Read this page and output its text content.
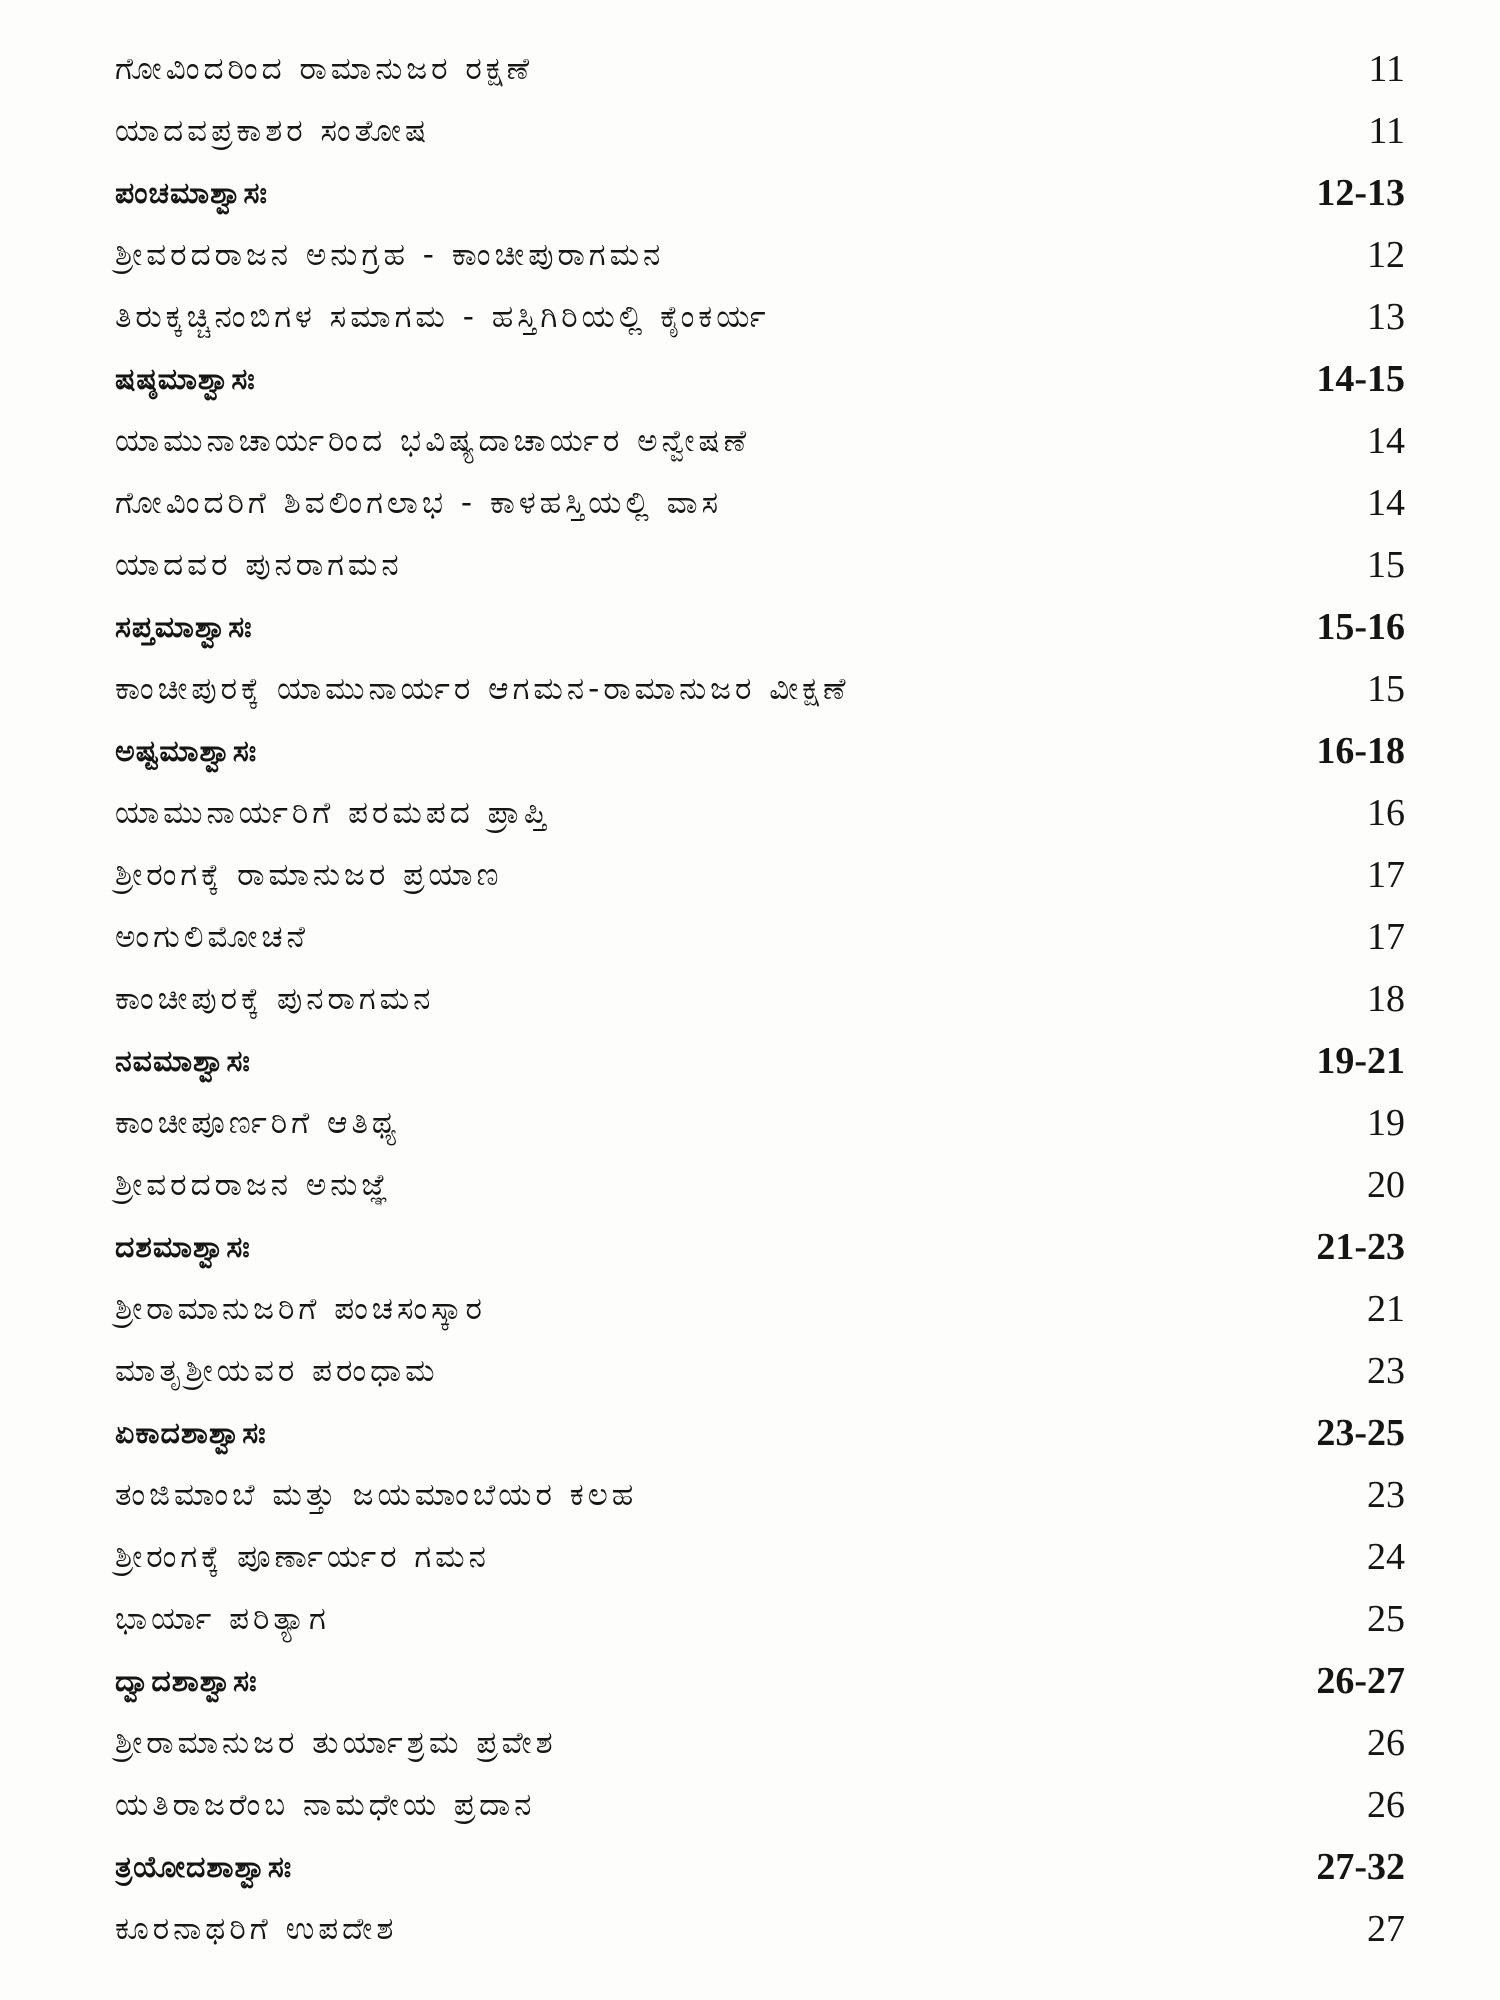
ಗೋವಿಂದರಿಂದ ರಾಮಾನುಜರ ರಕ್ಷಣೆ	11
ಯಾದವಪ್ರಕಾಶರ ಸಂತೋಷ	11
ಪಂಚಮಾಶ್ವಾಸಃ	12-13
ಶ್ರೀವರದರಾಜನ ಅನುಗ್ರಹ - ಕಾಂಚೀಪುರಾಗಮನ	12
ತಿರುಕ್ಕಚ್ಚಿನಂಬಿಗಳ ಸಮಾಗಮ - ಹಸ್ತಿಗಿರಿಯಲ್ಲಿ ಕೈಂಕರ್ಯ	13
ಷಷ್ಠಮಾಶ್ವಾಸಃ	14-15
ಯಾಮುನಾಚಾರ್ಯರಿಂದ ಭವಿಷ್ಯದಾಚಾರ್ಯರ ಅನ್ವೇಷಣೆ	14
ಗೋವಿಂದರಿಗೆ ಶಿವಲಿಂಗಲಾಭ - ಕಾಳಹಸ್ತಿಯಲ್ಲಿ ವಾಸ	14
ಯಾದವರ ಪುನರಾಗಮನ	15
ಸಪ್ತಮಾಶ್ವಾಸಃ	15-16
ಕಾಂಚೀಪುರಕ್ಕೆ ಯಾಮುನಾರ್ಯರ ಆಗಮನ-ರಾಮಾನುಜರ ವೀಕ್ಷಣೆ	15
ಅಷ್ಟಮಾಶ್ವಾಸಃ	16-18
ಯಾಮುನಾರ್ಯರಿಗೆ ಪರಮಪದ ಪ್ರಾಪ್ತಿ	16
ಶ್ರೀರಂಗಕ್ಕೆ ರಾಮಾನುಜರ ಪ್ರಯಾಣ	17
ಅಂಗುಲಿಮೋಚನೆ	17
ಕಾಂಚೀಪುರಕ್ಕೆ ಪುನರಾಗಮನ	18
ನವಮಾಶ್ವಾಸಃ	19-21
ಕಾಂಚೀಪೂರ್ಣರಿಗೆ ಆತಿಥ್ಯ	19
ಶ್ರೀವರದರಾಜನ ಅನುಜ್ಞೆ	20
ದಶಮಾಶ್ವಾಸಃ	21-23
ಶ್ರೀರಾಮಾನುಜರಿಗೆ ಪಂಚಸಂಸ್ಕಾರ	21
ಮಾತೃಶ್ರೀಯವರ ಪರಂಧಾಮ	23
ಏಕಾದಶಾಶ್ವಾಸಃ	23-25
ತಂಜಿಮಾಂಬೆ ಮತ್ತು ಜಯಮಾಂಬೆಯರ ಕಲಹ	23
ಶ್ರೀರಂಗಕ್ಕೆ ಪೂರ್ಣಾರ್ಯರ ಗಮನ	24
ಭಾರ್ಯಾ ಪರಿತ್ಯಾಗ	25
ದ್ವಾದಶಾಶ್ವಾಸಃ	26-27
ಶ್ರೀರಾಮಾನುಜರ ತುರ್ಯಾಶ್ರಮ ಪ್ರವೇಶ	26
ಯತಿರಾಜರೆಂಬ ನಾಮಧೇಯ ಪ್ರದಾನ	26
ತ್ರಯೋದಶಾಶ್ವಾಸಃ	27-32
ಕೂರನಾಥರಿಗೆ ಉಪದೇಶ	27
